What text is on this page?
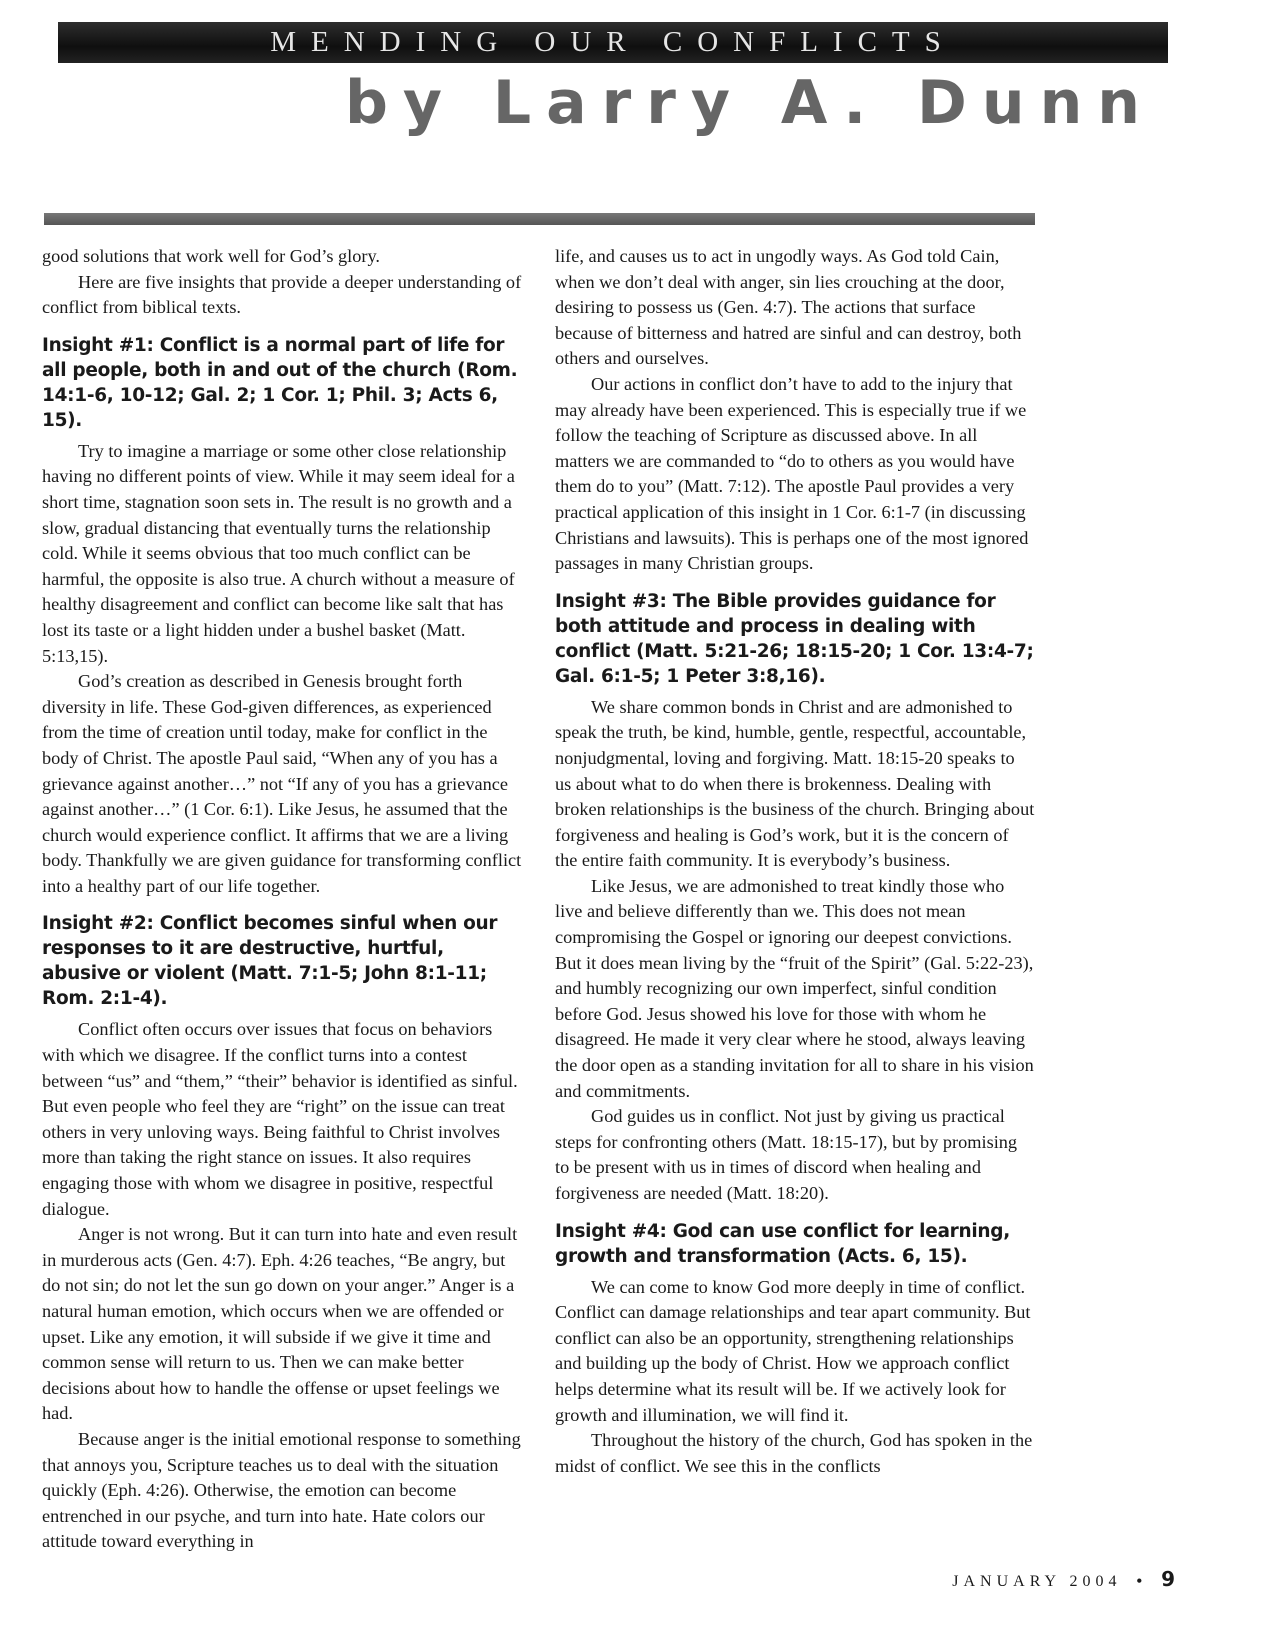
MENDING OUR CONFLICTS
by Larry A. Dunn

good solutions that work well for God’s glory.

Here are five insights that provide a deeper understanding of conflict from biblical texts.

Insight #1: Conflict is a normal part of life for all people, both in and out of the church (Rom. 14:1-6, 10-12; Gal. 2; 1 Cor. 1; Phil. 3; Acts 6, 15).

Try to imagine a marriage or some other close relationship having no different points of view. While it may seem ideal for a short time, stagnation soon sets in. The result is no growth and a slow, gradual distancing that eventually turns the relationship cold. While it seems obvious that too much conflict can be harmful, the opposite is also true. A church without a measure of healthy disagreement and conflict can become like salt that has lost its taste or a light hidden under a bushel basket (Matt. 5:13,15).

God’s creation as described in Genesis brought forth diversity in life. These God-given differences, as experienced from the time of creation until today, make for conflict in the body of Christ. The apostle Paul said, “When any of you has a grievance against another…” not “If any of you has a grievance against another…” (1 Cor. 6:1). Like Jesus, he assumed that the church would experience conflict. It affirms that we are a living body. Thankfully we are given guidance for transforming conflict into a healthy part of our life together.

Insight #2: Conflict becomes sinful when our responses to it are destructive, hurtful, abusive or violent (Matt. 7:1-5; John 8:1-11; Rom. 2:1-4).

Conflict often occurs over issues that focus on behaviors with which we disagree. If the conflict turns into a contest between “us” and “them,” “their” behavior is identified as sinful. But even people who feel they are “right” on the issue can treat others in very unloving ways. Being faithful to Christ involves more than taking the right stance on issues. It also requires engaging those with whom we disagree in positive, respectful dialogue.

Anger is not wrong. But it can turn into hate and even result in murderous acts (Gen. 4:7). Eph. 4:26 teaches, “Be angry, but do not sin; do not let the sun go down on your anger.” Anger is a natural human emotion, which occurs when we are offended or upset. Like any emotion, it will subside if we give it time and common sense will return to us. Then we can make better decisions about how to handle the offense or upset feelings we had.

Because anger is the initial emotional response to something that annoys you, Scripture teaches us to deal with the situation quickly (Eph. 4:26). Otherwise, the emotion can become entrenched in our psyche, and turn into hate. Hate colors our attitude toward everything in

life, and causes us to act in ungodly ways. As God told Cain, when we don’t deal with anger, sin lies crouching at the door, desiring to possess us (Gen. 4:7). The actions that surface because of bitterness and hatred are sinful and can destroy, both others and ourselves.

Our actions in conflict don’t have to add to the injury that may already have been experienced. This is especially true if we follow the teaching of Scripture as discussed above. In all matters we are commanded to “do to others as you would have them do to you” (Matt. 7:12). The apostle Paul provides a very practical application of this insight in 1 Cor. 6:1-7 (in discussing Christians and lawsuits). This is perhaps one of the most ignored passages in many Christian groups.

Insight #3: The Bible provides guidance for both attitude and process in dealing with conflict (Matt. 5:21-26; 18:15-20; 1 Cor. 13:4-7; Gal. 6:1-5; 1 Peter 3:8,16).

We share common bonds in Christ and are admonished to speak the truth, be kind, humble, gentle, respectful, accountable, nonjudgmental, loving and forgiving. Matt. 18:15-20 speaks to us about what to do when there is brokenness. Dealing with broken relationships is the business of the church. Bringing about forgiveness and healing is God’s work, but it is the concern of the entire faith community. It is everybody’s business.

Like Jesus, we are admonished to treat kindly those who live and believe differently than we. This does not mean compromising the Gospel or ignoring our deepest convictions. But it does mean living by the “fruit of the Spirit” (Gal. 5:22-23), and humbly recognizing our own imperfect, sinful condition before God. Jesus showed his love for those with whom he disagreed. He made it very clear where he stood, always leaving the door open as a standing invitation for all to share in his vision and commitments.

God guides us in conflict. Not just by giving us practical steps for confronting others (Matt. 18:15-17), but by promising to be present with us in times of discord when healing and forgiveness are needed (Matt. 18:20).

Insight #4: God can use conflict for learning, growth and transformation (Acts. 6, 15).

We can come to know God more deeply in time of conflict. Conflict can damage relationships and tear apart community. But conflict can also be an opportunity, strengthening relationships and building up the body of Christ. How we approach conflict helps determine what its result will be. If we actively look for growth and illumination, we will find it.

Throughout the history of the church, God has spoken in the midst of conflict. We see this in the conflicts

JANUARY 2004 • 9
